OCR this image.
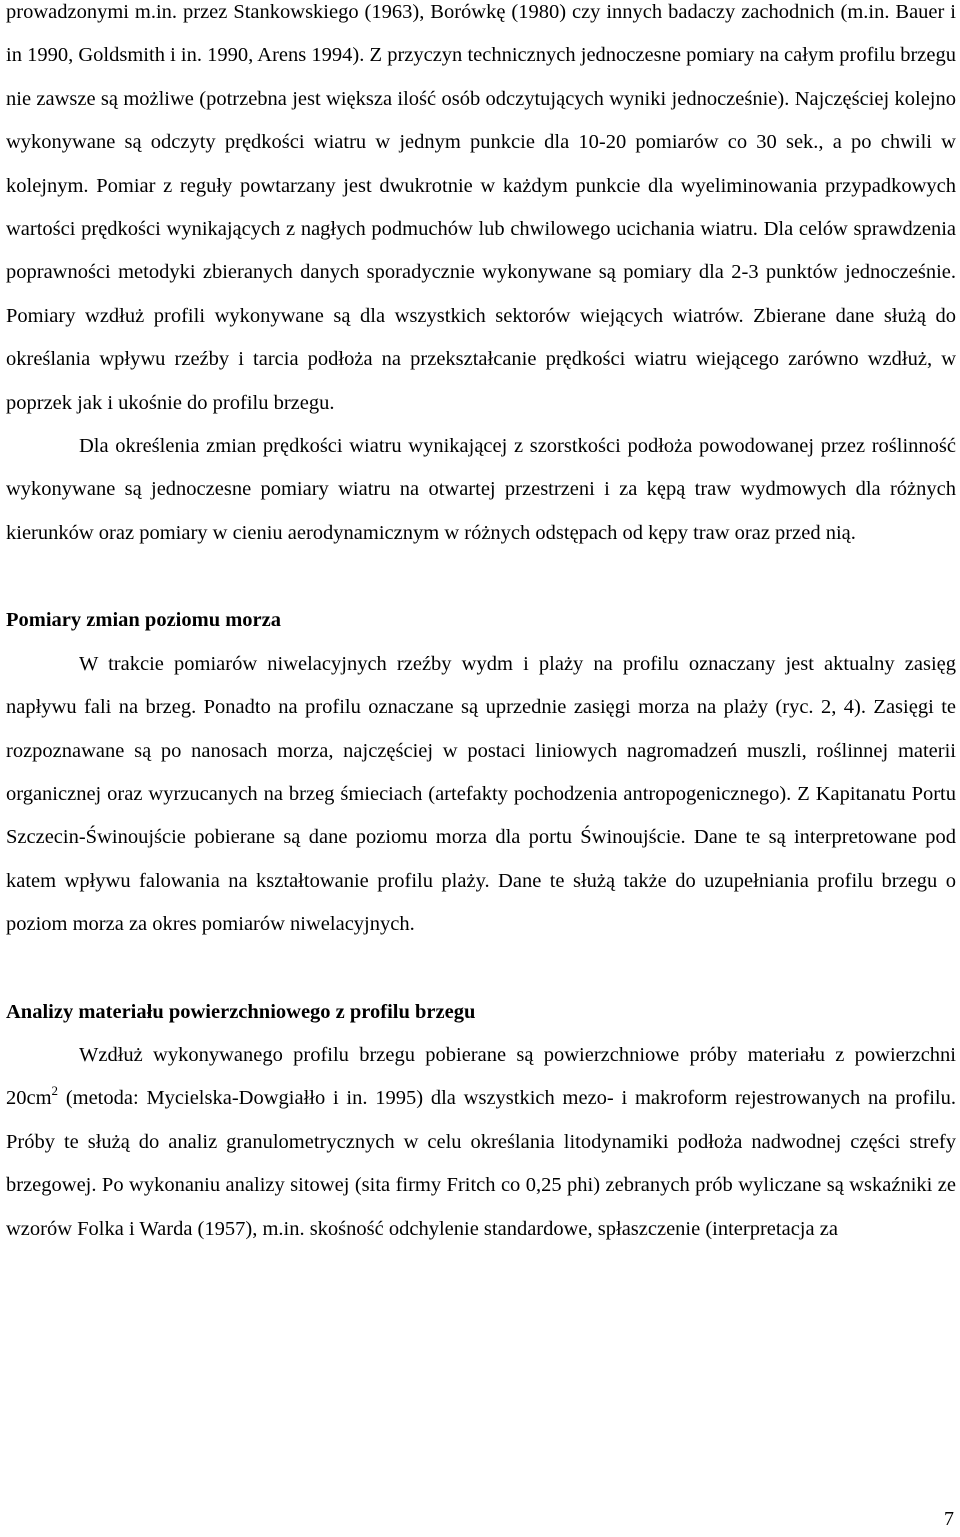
prowadzonymi m.in. przez Stankowskiego (1963), Borówkę (1980) czy innych badaczy zachodnich (m.in. Bauer i in 1990, Goldsmith i in. 1990, Arens 1994). Z przyczyn technicznych jednoczesne pomiary na całym profilu brzegu nie zawsze są możliwe (potrzebna jest większa ilość osób odczytujących wyniki jednocześnie). Najczęściej kolejno wykonywane są odczyty prędkości wiatru w jednym punkcie dla 10-20 pomiarów co 30 sek., a po chwili w kolejnym. Pomiar z reguły powtarzany jest dwukrotnie w każdym punkcie dla wyeliminowania przypadkowych wartości prędkości wynikających z nagłych podmuchów lub chwilowego ucichania wiatru. Dla celów sprawdzenia poprawności metodyki zbieranych danych sporadycznie wykonywane są pomiary dla 2-3 punktów jednocześnie. Pomiary wzdłuż profili wykonywane są dla wszystkich sektorów wiejących wiatrów. Zbierane dane służą do określania wpływu rzeźby i tarcia podłoża na przekształcanie prędkości wiatru wiejącego zarówno wzdłuż, w poprzek jak i ukośnie do profilu brzegu.

Dla określenia zmian prędkości wiatru wynikającej z szorstkości podłoża powodowanej przez roślinność wykonywane są jednoczesne pomiary wiatru na otwartej przestrzeni i za kępą traw wydmowych dla różnych kierunków oraz pomiary w cieniu aerodynamicznym w różnych odstępach od kępy traw oraz przed nią.

Pomiary zmian poziomu morza

W trakcie pomiarów niwelacyjnych rzeźby wydm i plaży na profilu oznaczany jest aktualny zasięg napływu fali na brzeg. Ponadto na profilu oznaczane są uprzednie zasięgi morza na plaży (ryc. 2, 4). Zasięgi te rozpoznawane są po nanosach morza, najczęściej w postaci liniowych nagromadzeń muszli, roślinnej materii organicznej oraz wyrzucanych na brzeg śmieciach (artefakty pochodzenia antropogenicznego). Z Kapitanatu Portu Szczecin-Świnoujście pobierane są dane poziomu morza dla portu Świnoujście. Dane te są interpretowane pod katem wpływu falowania na kształtowanie profilu plaży. Dane te służą także do uzupełniania profilu brzegu o poziom morza za okres pomiarów niwelacyjnych.

Analizy materiału powierzchniowego z profilu brzegu

Wzdłuż wykonywanego profilu brzegu pobierane są powierzchniowe próby materiału z powierzchni $20cm^2$ (metoda: Mycielska-Dowgiałło i in. 1995) dla wszystkich mezo- i makroform rejestrowanych na profilu. Próby te służą do analiz granulometrycznych w celu określania litodynamiki podłoża nadwodnej części strefy brzegowej. Po wykonaniu analizy sitowej (sita firmy Fritch co 0,25 phi) zebranych prób wyliczane są wskaźniki ze wzorów Folka i Warda (1957), m.in. skośność odchylenie standardowe, spłaszczenie (interpretacja za

7
